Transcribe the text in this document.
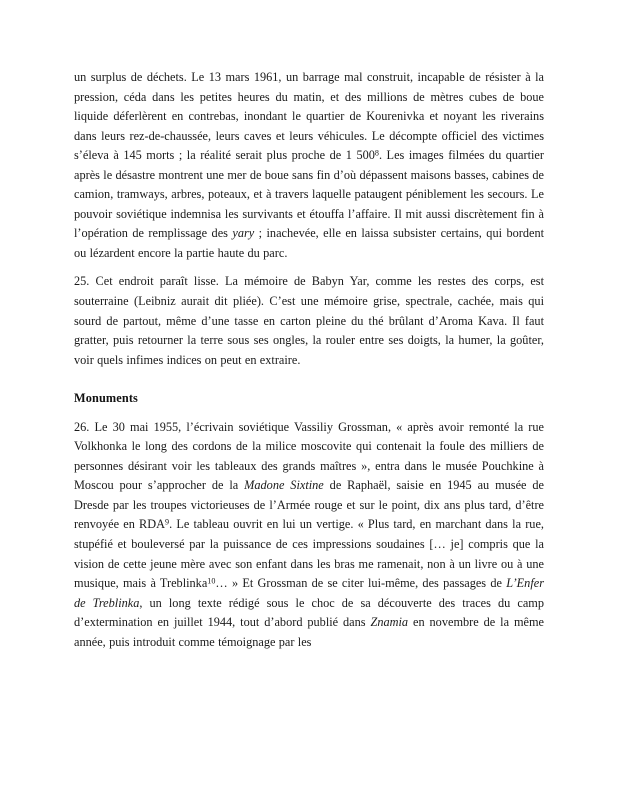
un surplus de déchets. Le 13 mars 1961, un barrage mal construit, incapable de résister à la pression, céda dans les petites heures du matin, et des millions de mètres cubes de boue liquide déferlèrent en contrebas, inondant le quartier de Kourenivka et noyant les riverains dans leurs rez-de-chaussée, leurs caves et leurs véhicules. Le décompte officiel des victimes s’éleva à 145 morts ; la réalité serait plus proche de 1 500$^8$. Les images filmées du quartier après le désastre montrent une mer de boue sans fin d’où dépassent maisons basses, cabines de camion, tramways, arbres, poteaux, et à travers laquelle pataugent péniblement les secours. Le pouvoir soviétique indemnisa les survivants et étouffa l’affaire. Il mit aussi discrètement fin à l’opération de remplissage des yary ; inachevée, elle en laissa subsister certains, qui bordent ou lézardent encore la partie haute du parc.

25. Cet endroit paraît lisse. La mémoire de Babyn Yar, comme les restes des corps, est souterraine (Leibniz aurait dit pliée). C’est une mémoire grise, spectrale, cachée, mais qui sourd de partout, même d’une tasse en carton pleine du thé brûlant d’Aroma Kava. Il faut gratter, puis retourner la terre sous ses ongles, la rouler entre ses doigts, la humer, la goûter, voir quels infimes indices on peut en extraire.

Monuments

26. Le 30 mai 1955, l’écrivain soviétique Vassiliy Grossman, « après avoir remonté la rue Volkhonka le long des cordons de la milice moscovite qui contenait la foule des milliers de personnes désirant voir les tableaux des grands maîtres », entra dans le musée Pouchkine à Moscou pour s’approcher de la Madone Sixtine de Raphaël, saisie en 1945 au musée de Dresde par les troupes victorieuses de l’Armée rouge et sur le point, dix ans plus tard, d’être renvoyée en RDA$^9$. Le tableau ouvrit en lui un vertige. « Plus tard, en marchant dans la rue, stupéfié et bouleversé par la puissance de ces impressions soudaines [… je] compris que la vision de cette jeune mère avec son enfant dans les bras me ramenait, non à un livre ou à une musique, mais à Treblinka$^{10}$… » Et Grossman de se citer lui-même, des passages de L’Enfer de Treblinka, un long texte rédigé sous le choc de sa découverte des traces du camp d’extermination en juillet 1944, tout d’abord publié dans Znamia en novembre de la même année, puis introduit comme témoignage par les
